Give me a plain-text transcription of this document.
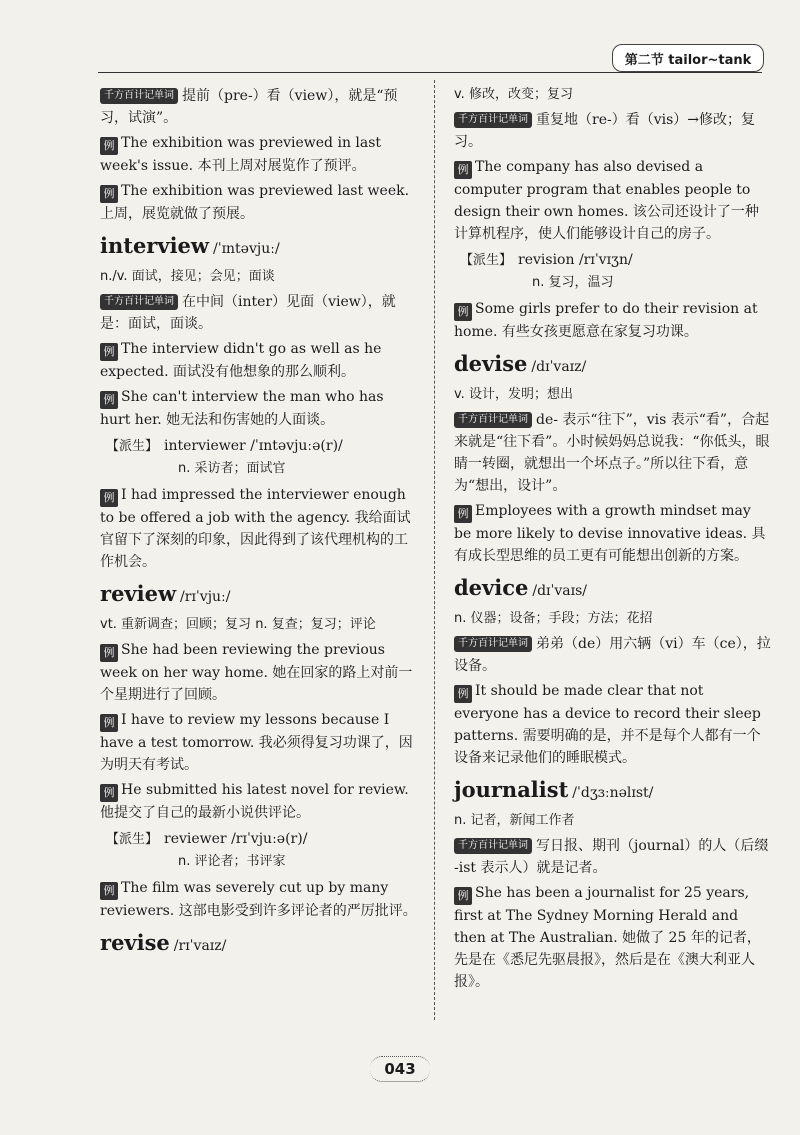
第二节 tailor~tank
千方百计记单词 提前（pre-）看（view），就是“预习，试演”。
例 The exhibition was previewed in last week's issue. 本刊上周对展览作了预评。
例 The exhibition was previewed last week. 上周，展览就做了预展。
interview /ˈɪntəvjuː/
n./v. 面试，接见；会见；面谈
千方百计记单词 在中间（inter）见面（view），就是：面试，面谈。
例 The interview didn't go as well as he expected. 面试没有他想象的那么顺利。
例 She can't interview the man who has hurt her. 她无法和伤害她的人面谈。
【派生】 interviewer /ˈɪntəvjuːə(r)/
n. 采访者；面试官
例 I had impressed the interviewer enough to be offered a job with the agency. 我给面试官留下了深刻的印象，因此得到了该代理机构的工作机会。
review /rɪˈvjuː/
vt. 重新调查；回顾；复习 n. 复查；复习；评论
例 She had been reviewing the previous week on her way home. 她在回家的路上对前一个星期进行了回顾。
例 I have to review my lessons because I have a test tomorrow. 我必须得复习功课了，因为明天有考试。
例 He submitted his latest novel for review. 他提交了自己的最新小说供评论。
【派生】 reviewer /rɪˈvjuːə(r)/
n. 评论者；书评家
例 The film was severely cut up by many reviewers. 这部电影受到许多评论者的严厉批评。
revise /rɪˈvaɪz/
v. 修改，改变；复习
千方百计记单词 重复地（re-）看（vis）→修改；复习。
例 The company has also devised a computer program that enables people to design their own homes. 该公司还设计了一种计算机程序，使人们能够设计自己的房子。
【派生】 revision /rɪˈvɪʒn/
n. 复习，温习
例 Some girls prefer to do their revision at home. 有些女孩更愿意在家复习功课。
devise /dɪˈvaɪz/
v. 设计，发明；想出
千方百计记单词 de- 表示“往下”，vis 表示“看”，合起来就是“往下看”。小时候妈妈总说我：“你低头，眼睛一转圈，就想出一个坏点子。”所以往下看，意为“想出，设计”。
例 Employees with a growth mindset may be more likely to devise innovative ideas. 具有成长型思维的员工更有可能想出创新的方案。
device /dɪˈvaɪs/
n. 仪器；设备；手段；方法；花招
千方百计记单词 弟弟（de）用六辆（vi）车（ce），拉设备。
例 It should be made clear that not everyone has a device to record their sleep patterns. 需要明确的是，并不是每个人都有一个设备来记录他们的睡眠模式。
journalist /ˈdʒɜːnəlɪst/
n. 记者，新闻工作者
千方百计记单词 写日报、期刊（journal）的人（后缀 -ist 表示人）就是记者。
例 She has been a journalist for 25 years, first at The Sydney Morning Herald and then at The Australian. 她做了 25 年的记者，先是在《悉尼先驱晨报》，然后是在《澳大利亚人报》。
043
